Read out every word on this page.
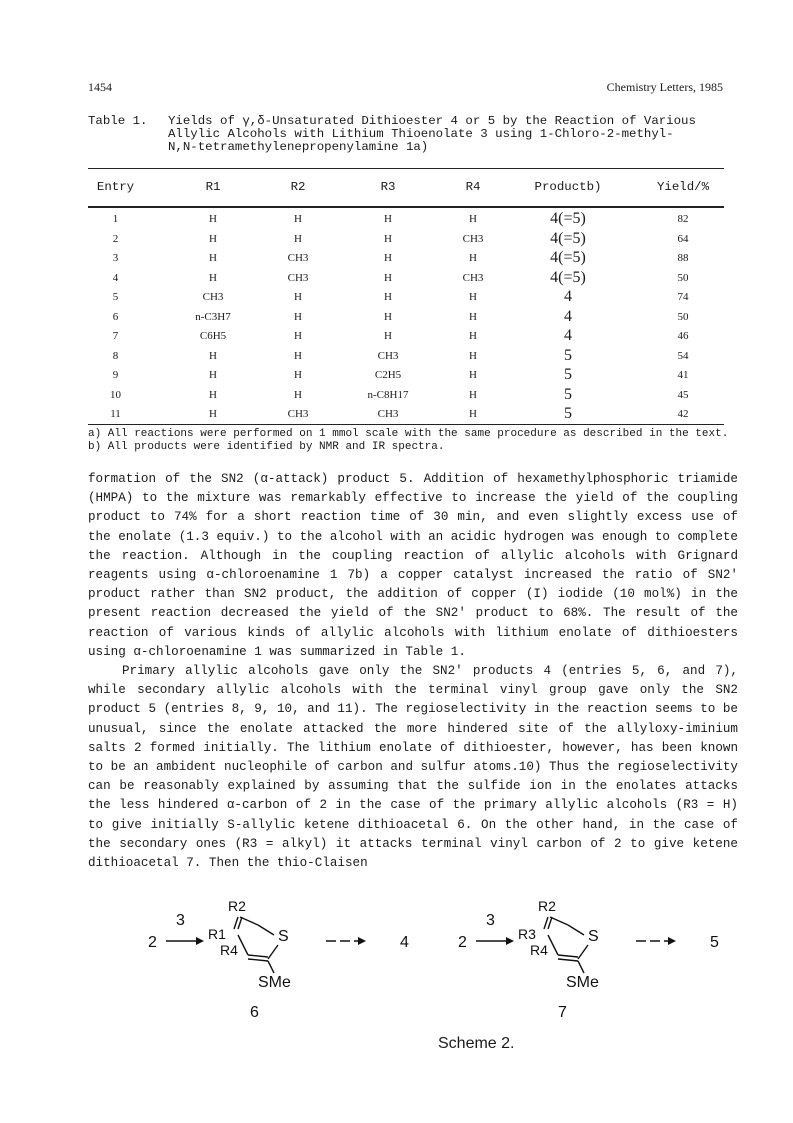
1454	Chemistry Letters, 1985
Table 1.	Yields of γ,δ-Unsaturated Dithioester 4 or 5 by the Reaction of Various
Allylic Alcohols with Lithium Thioenolate 3 using 1-Chloro-2-methyl-
N,N-tetramethylenepropenylamine 1a)
Entry	R1	R2	R3	R4	Productb)	Yield/%
1	H	H	H	H	4(=5)	82
2	H	H	H	CH3	4(=5)	64
3	H	CH3	H	H	4(=5)	88
4	H	CH3	H	CH3	4(=5)	50
5	CH3	H	H	H	4	74
6	n-C3H7	H	H	H	4	50
7	C6H5	H	H	H	4	46
8	H	H	CH3	H	5	54
9	H	H	C2H5	H	5	41
10	H	H	n-C8H17	H	5	45
11	H	CH3	CH3	H	5	42
a) All reactions were performed on 1 mmol scale with the same procedure as described in the text.
b) All products were identified by NMR and IR spectra.

formation of the SN2 (α-attack) product 5. Addition of hexamethylphosphoric triamide (HMPA) to the mixture was remarkably effective to increase the yield of the coupling product to 74% for a short reaction time of 30 min, and even slightly excess use of the enolate (1.3 equiv.) to the alcohol with an acidic hydrogen was enough to complete the reaction. Although in the coupling reaction of allylic alcohols with Grignard reagents using α-chloroenamine 1 7b) a copper catalyst increased the ratio of SN2' product rather than SN2 product, the addition of copper (I) iodide (10 mol%) in the present reaction decreased the yield of the SN2' product to 68%. The result of the reaction of various kinds of allylic alcohols with lithium enolate of dithioesters using α-chloroenamine 1 was summarized in Table 1.

Primary allylic alcohols gave only the SN2' products 4 (entries 5, 6, and 7), while secondary allylic alcohols with the terminal vinyl group gave only the SN2 product 5 (entries 8, 9, 10, and 11). The regioselectivity in the reaction seems to be unusual, since the enolate attacked the more hindered site of the allyloxy-iminium salts 2 formed initially. The lithium enolate of dithioester, however, has been known to be an ambident nucleophile of carbon and sulfur atoms.10) Thus the regioselectivity can be reasonably explained by assuming that the sulfide ion in the enolates attacks the less hindered α-carbon of 2 in the case of the primary allylic alcohols (R3 = H) to give initially S-allylic ketene dithioacetal 6. On the other hand, in the case of the secondary ones (R3 = alkyl) it attacks terminal vinyl carbon of 2 to give ketene dithioacetal 7. Then the thio-Claisen

2
3
R2
R1
R4
S
SMe
6
4	2
3
R2
R3
R4
S
SMe
7
5
Scheme 2.
